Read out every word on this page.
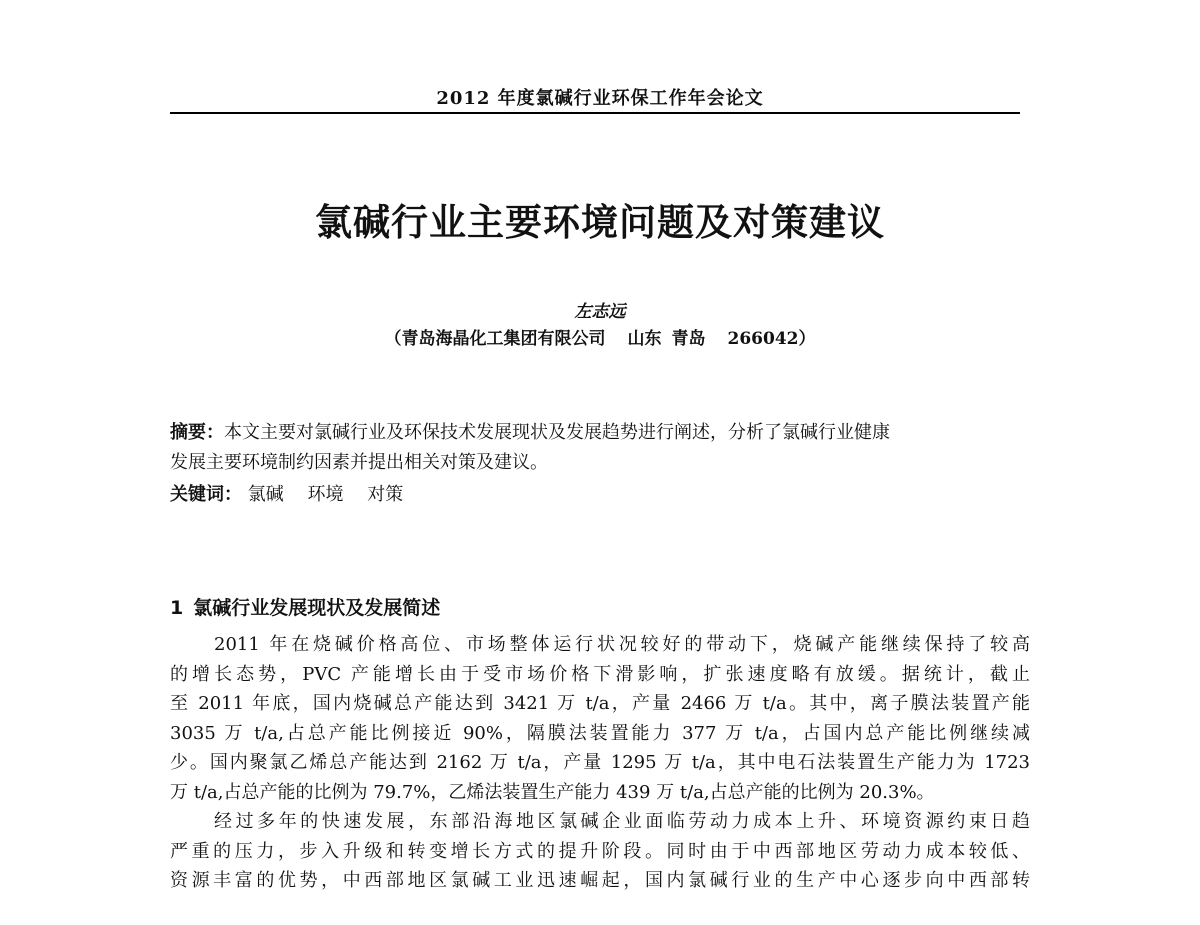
2012 年度氯碱行业环保工作年会论文
氯碱行业主要环境问题及对策建议
左志远
（青岛海晶化工集团有限公司 山东 青岛 266042）
摘要：本文主要对氯碱行业及环保技术发展现状及发展趋势进行阐述，分析了氯碱行业健康
发展主要环境制约因素并提出相关对策及建议。
关键词： 氯碱 环境 对策
1 氯碱行业发展现状及发展简述
2011 年在烧碱价格高位、市场整体运行状况较好的带动下，烧碱产能继续保持了较高
的增长态势，PVC 产能增长由于受市场价格下滑影响，扩张速度略有放缓。据统计，截止
至 2011 年底，国内烧碱总产能达到 3421 万 t/a，产量 2466 万 t/a。其中，离子膜法装置产能
3035 万 t/a,占总产能比例接近 90%，隔膜法装置能力 377 万 t/a，占国内总产能比例继续减
少。国内聚氯乙烯总产能达到 2162 万 t/a，产量 1295 万 t/a，其中电石法装置生产能力为 1723
万 t/a,占总产能的比例为 79.7%，乙烯法装置生产能力 439 万 t/a,占总产能的比例为 20.3%。
经过多年的快速发展，东部沿海地区氯碱企业面临劳动力成本上升、环境资源约束日趋
严重的压力，步入升级和转变增长方式的提升阶段。同时由于中西部地区劳动力成本较低、
资源丰富的优势，中西部地区氯碱工业迅速崛起，国内氯碱行业的生产中心逐步向中西部转
